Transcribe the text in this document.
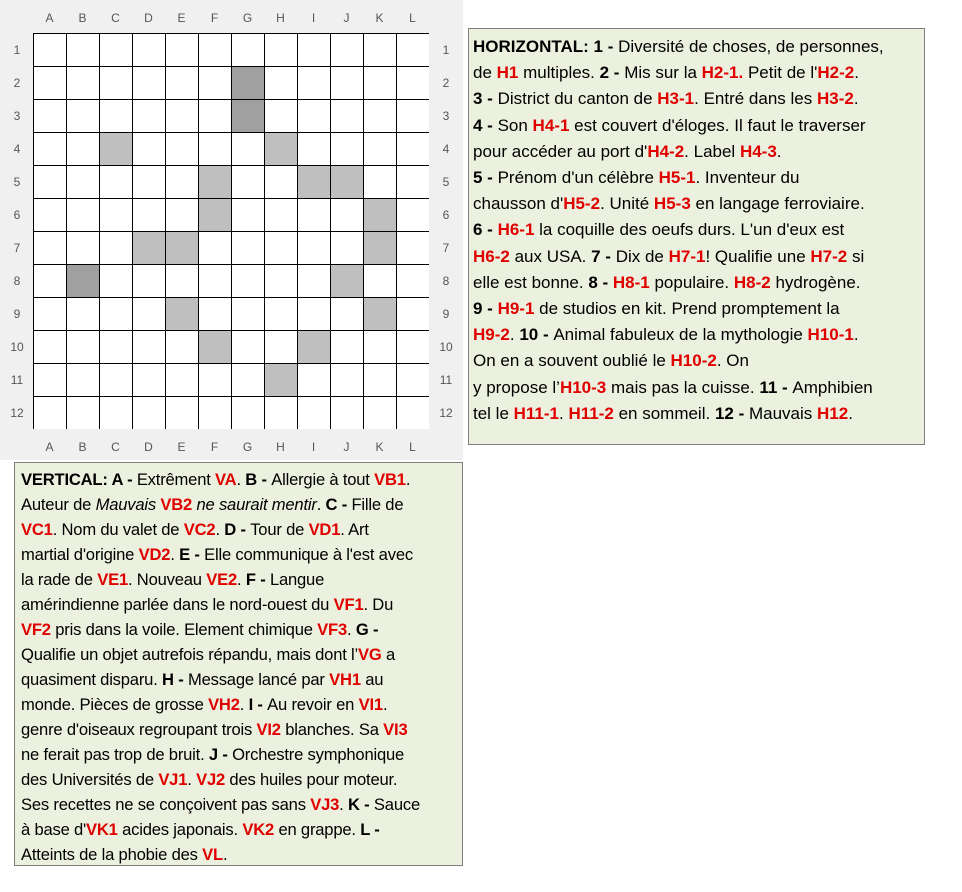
A
A
B
B
C
C
D
D
E
E
F
F
G
G
H
H
I
I
J
J
K
K
L
L
1	1
2	2
3	3
4	4
5	5
6	6
7	7
8	8
9	9
10	10
11	11
12	12
HORIZONTAL: 1 - Diversité de choses, de personnes,
de H1 multiples. 2 - Mis sur la H2-1. Petit de l'H2-2.
3 - District du canton de H3-1. Entré dans les H3-2.
4 - Son H4-1 est couvert d'éloges. Il faut le traverser
pour accéder au port d'H4-2. Label H4-3.
5 - Prénom d'un célèbre H5-1. Inventeur du
chausson d'H5-2. Unité H5-3 en langage ferroviaire.
6 - H6-1 la coquille des oeufs durs. L'un d'eux est
H6-2 aux USA. 7 - Dix de H7-1! Qualifie une H7-2 si
elle est bonne. 8 - H8-1 populaire. H8-2 hydrogène.
9 - H9-1 de studios en kit. Prend promptement la
H9-2. 10 - Animal fabuleux de la mythologie H10-1.
On en a souvent oublié le H10-2. On
y propose l’H10-3 mais pas la cuisse. 11 - Amphibien
tel le H11-1. H11-2 en sommeil. 12 - Mauvais H12.
VERTICAL: A - Extrêment VA. B - Allergie à tout VB1.
Auteur de Mauvais VB2 ne saurait mentir. C - Fille de
VC1. Nom du valet de VC2. D - Tour de VD1. Art
martial d'origine VD2. E - Elle communique à l'est avec
la rade de VE1. Nouveau VE2. F - Langue
amérindienne parlée dans le nord-ouest du VF1. Du
VF2 pris dans la voile. Element chimique VF3. G -
Qualifie un objet autrefois répandu, mais dont l’VG a
quasiment disparu. H - Message lancé par VH1 au
monde. Pièces de grosse VH2. I - Au revoir en VI1.
genre d'oiseaux regroupant trois VI2 blanches. Sa VI3
ne ferait pas trop de bruit. J - Orchestre symphonique
des Universités de VJ1. VJ2 des huiles pour moteur.
Ses recettes ne se conçoivent pas sans VJ3. K - Sauce
à base d'VK1 acides japonais. VK2 en grappe. L -
Atteints de la phobie des VL.
